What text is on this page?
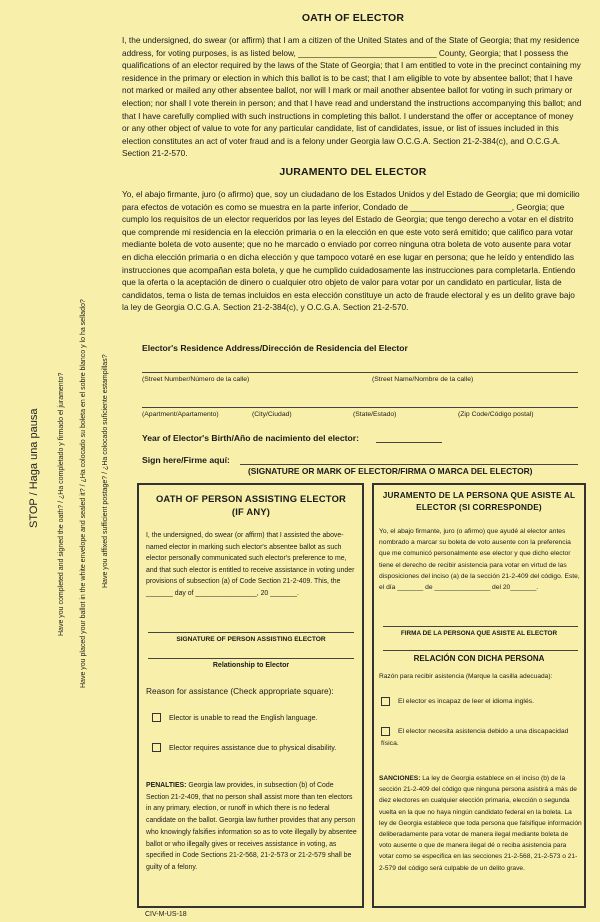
STOP / Haga una pausa	Have you completed and signed the oath? / ¿Ha completado y firmado el juramento? Have you placed your ballot in the white envelope and sealed it? / ¿Ha colocado su boleta en el sobre blanco y lo ha sellado? Have you affixed sufficient postage? / ¿Ha colocado suficiente estampillas?
OATH OF ELECTOR
I, the undersigned, do swear (or affirm) that I am a citizen of the United States and of the State of Georgia; that my residence address, for voting purposes, is as listed below, ______________________________ County, Georgia; that I possess the qualifications of an elector required by the laws of the State of Georgia; that I am entitled to vote in the precinct containing my residence in the primary or election in which this ballot is to be cast; that I am eligible to vote by absentee ballot; that I have not marked or mailed any other absentee ballot, nor will I mark or mail another absentee ballot for voting in such primary or election; nor shall I vote therein in person; and that I have read and understand the instructions accompanying this ballot; and that I have carefully complied with such instructions in completing this ballot. I understand the offer or acceptance of money or any other object of value to vote for any particular candidate, list of candidates, issue, or list of issues included in this election constitutes an act of voter fraud and is a felony under Georgia law O.C.G.A. Section 21-2-384(c), and O.C.G.A. Section 21-2-570.
JURAMENTO DEL ELECTOR
Yo, el abajo firmante, juro (o afirmo) que, soy un ciudadano de los Estados Unidos y del Estado de Georgia; que mi domicilio para efectos de votación es como se muestra en la parte inferior, Condado de ______________________, Georgia; que cumplo los requisitos de un elector requeridos por las leyes del Estado de Georgia; que tengo derecho a votar en el distrito que comprende mi residencia en la elección primaria o en la elección en que este voto será emitido; que califico para votar mediante boleta de voto ausente; que no he marcado o enviado por correo ninguna otra boleta de voto ausente para votar en dicha elección primaria o en dicha elección y que tampoco votaré en ese lugar en persona; que he leído y entendido las instrucciones que acompañan esta boleta, y que he cumplido cuidadosamente las instrucciones para completarla. Entiendo que la oferta o la aceptación de dinero o cualquier otro objeto de valor para votar por un candidato en particular, lista de candidatos, tema o lista de temas incluidos en esta elección constituye un acto de fraude electoral y es un delito grave bajo la ley de Georgia O.C.G.A. Section 21-2-384(c), y O.C.G.A. Section 21-2-570.
Elector's Residence Address/Dirección de Residencia del Elector
(Street Number/Número de la calle)	(Street Name/Nombre de la calle)
(Apartment/Apartamento)	(City/Ciudad)	(State/Estado)	(Zip Code/Código postal)
Year of Elector's Birth/Año de nacimiento del elector:
Sign here/Firme aquí:
(SIGNATURE OR MARK OF ELECTOR/FIRMA O MARCA DEL ELECTOR)
OATH OF PERSON ASSISTING ELECTOR
(IF ANY)
I, the undersigned, do swear (or affirm) that I assisted the above-named elector in marking such elector's absentee ballot as such elector personally communicated such elector's preference to me, and that such elector is entitled to receive assistance in voting under provisions of subsection (a) of Code Section 21-2-409. This, the _______ day of ________________, 20 _______.
SIGNATURE OF PERSON ASSISTING ELECTOR
Relationship to Elector
Reason for assistance (Check appropriate square):
Elector is unable to read the English language.
Elector requires assistance due to physical disability.
PENALTIES: Georgia law provides, in subsection (b) of Code Section 21-2-409, that no person shall assist more than ten electors in any primary, election, or runoff in which there is no federal candidate on the ballot. Georgia law further provides that any person who knowingly falsifies information so as to vote illegally by absentee ballot or who illegally gives or receives assistance in voting, as specified in Code Sections 21-2-568, 21-2-573 or 21-2-579 shall be guilty of a felony.
JURAMENTO DE LA PERSONA QUE ASISTE AL
ELECTOR (SI CORRESPONDE)
Yo, el abajo firmante, juro (o afirmo) que ayudé al elector antes nombrado a marcar su boleta de voto ausente con la preferencia que me comunicó personalmente ese elector y que dicho elector tiene el derecho de recibir asistencia para votar en virtud de las disposiciones del inciso (a) de la sección 21-2-409 del código. Este, el día _______ de _______________ del 20_______.
FIRMA DE LA PERSONA QUE ASISTE AL ELECTOR
RELACIÓN CON DICHA PERSONA
Razón para recibir asistencia (Marque la casilla adecuada):
El elector es incapaz de leer el idioma inglés.
El elector necesita asistencia debido a una discapacidad física.
SANCIONES: La ley de Georgia establece en el inciso (b) de la sección 21-2-409 del código que ninguna persona asistirá a más de diez electores en cualquier elección primaria, elección o segunda vuelta en la que no haya ningún candidato federal en la boleta. La ley de Georgia establece que toda persona que falsifique información deliberadamente para votar de manera ilegal mediante boleta de voto ausente o que de manera ilegal dé o reciba asistencia para votar como se especifica en las secciones 21-2-568, 21-2-573 o 21-2-579 del código será culpable de un delito grave.
CIV-M-US-18
